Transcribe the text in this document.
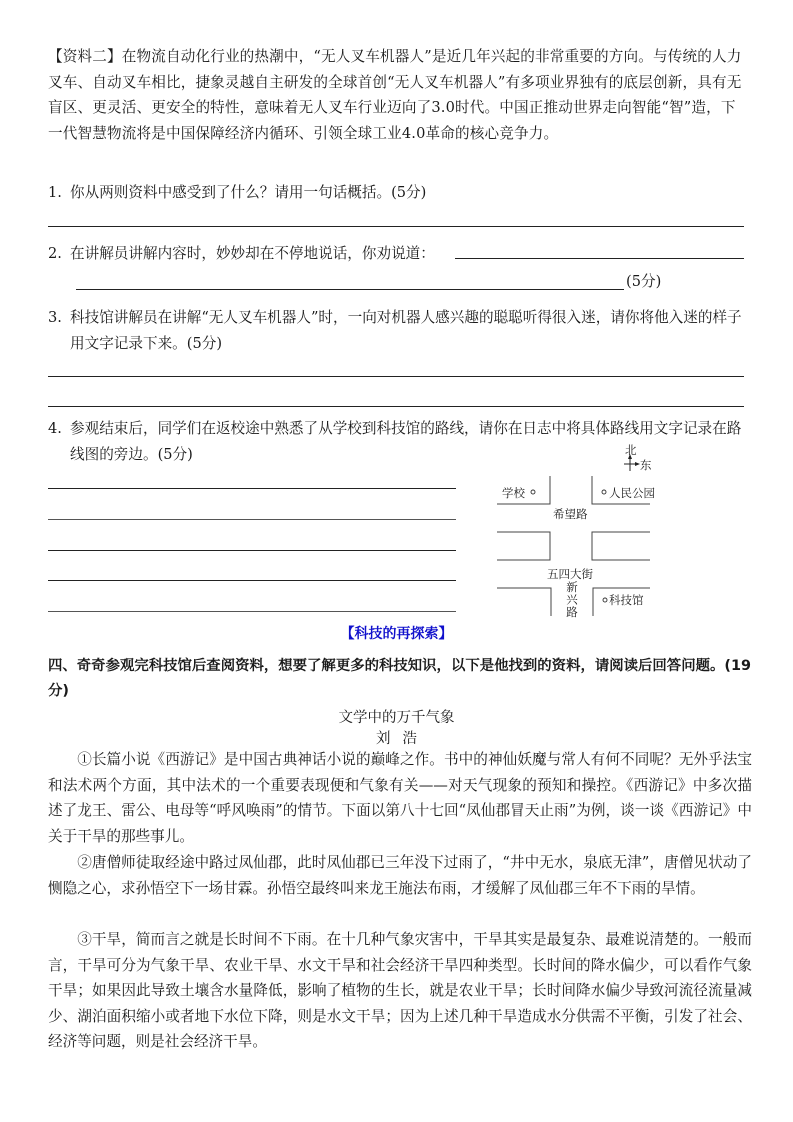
【资料二】在物流自动化行业的热潮中，“无人叉车机器人”是近几年兴起的非常重要的方向。与传统的人力叉车、自动叉车相比，捷象灵越自主研发的全球首创“无人叉车机器人”有多项业界独有的底层创新，具有无盲区、更灵活、更安全的特性，意味着无人叉车行业迈向了3.0时代。中国正推动世界走向智能“智”造，下一代智慧物流将是中国保障经济内循环、引领全球工业4.0革命的核心竞争力。
1. 你从两则资料中感受到了什么？请用一句话概括。(5分)
2. 在讲解员讲解内容时，妙妙却在不停地说话，你劝说道：
(5分)
3. 科技馆讲解员在讲解“无人叉车机器人”时，一向对机器人感兴趣的聪聪听得很入迷，请你将他入迷的样子用文字记录下来。(5分)
4. 参观结束后，同学们在返校途中熟悉了从学校到科技馆的路线，请你在日志中将具体路线用文字记录在路线图的旁边。(5分)	北
东
学校	人民公园
希望路
五四大街
新兴路	科技馆
【科技的再探索】
四、奇奇参观完科技馆后查阅资料，想要了解更多的科技知识，以下是他找到的资料，请阅读后回答问题。(19分)
文学中的万千气象
刘浩
①长篇小说《西游记》是中国古典神话小说的巅峰之作。书中的神仙妖魔与常人有何不同呢？无外乎法宝和法术两个方面，其中法术的一个重要表现便和气象有关——对天气现象的预知和操控。《西游记》中多次描述了龙王、雷公、电母等“呼风唤雨”的情节。下面以第八十七回“凤仙郡冒天止雨”为例，谈一谈《西游记》中关于干旱的那些事儿。
②唐僧师徒取经途中路过凤仙郡，此时凤仙郡已三年没下过雨了，“井中无水，泉底无津”，唐僧见状动了恻隐之心，求孙悟空下一场甘霖。孙悟空最终叫来龙王施法布雨，才缓解了凤仙郡三年不下雨的旱情。
③干旱，简而言之就是长时间不下雨。在十几种气象灾害中，干旱其实是最复杂、最难说清楚的。一般而言，干旱可分为气象干旱、农业干旱、水文干旱和社会经济干旱四种类型。长时间的降水偏少，可以看作气象干旱；如果因此导致土壤含水量降低，影响了植物的生长，就是农业干旱；长时间降水偏少导致河流径流量减少、湖泊面积缩小或者地下水位下降，则是水文干旱；因为上述几种干旱造成水分供需不平衡，引发了社会、经济等问题，则是社会经济干旱。
